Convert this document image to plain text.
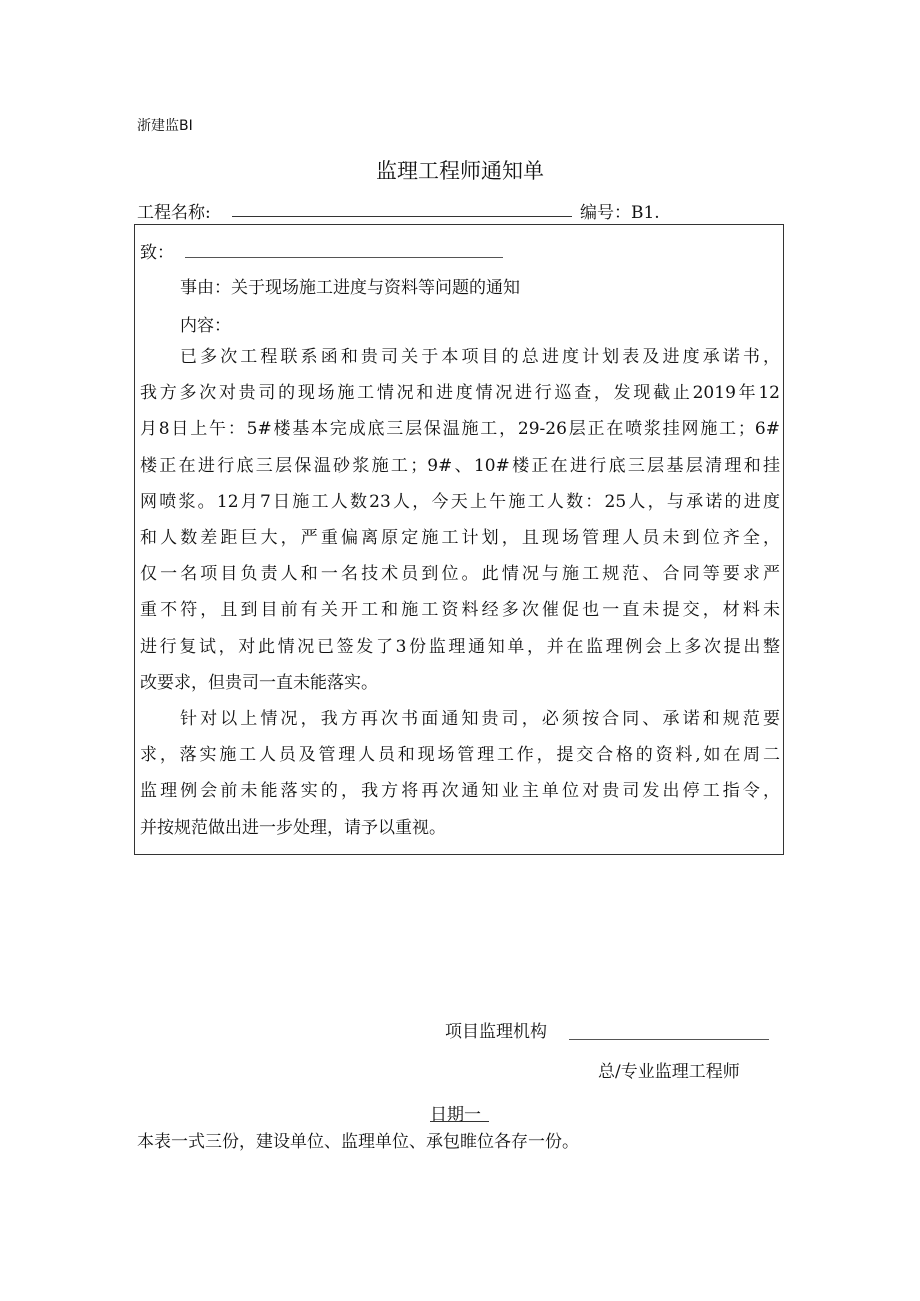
浙建监BI
监理工程师通知单
工程名称:	编号：B1.
致：
事由：关于现场施工进度与资料等问题的通知
内容：
已多次工程联系函和贵司关于本项目的总进度计划表及进度承诺书，
我方多次对贵司的现场施工情况和进度情况进行巡查，发现截止2019年12
月8日上午：5#楼基本完成底三层保温施工，29-26层正在喷浆挂网施工；6#
楼正在进行底三层保温砂浆施工；9#、10#楼正在进行底三层基层清理和挂
网喷浆。12月7日施工人数23人，今天上午施工人数：25人，与承诺的进度
和人数差距巨大，严重偏离原定施工计划，且现场管理人员未到位齐全，
仅一名项目负责人和一名技术员到位。此情况与施工规范、合同等要求严
重不符，且到目前有关开工和施工资料经多次催促也一直未提交，材料未
进行复试，对此情况已签发了3份监理通知单，并在监理例会上多次提出整
改要求，但贵司一直未能落实。
针对以上情况，我方再次书面通知贵司，必须按合同、承诺和规范要
求，落实施工人员及管理人员和现场管理工作，提交合格的资料,如在周二
监理例会前未能落实的，我方将再次通知业主单位对贵司发出停工指令，
并按规范做出进一步处理，请予以重视。
项目监理机构
总/专业监理工程师
日期一
本表一式三份，建设单位、监理单位、承包睢位各存一份。
